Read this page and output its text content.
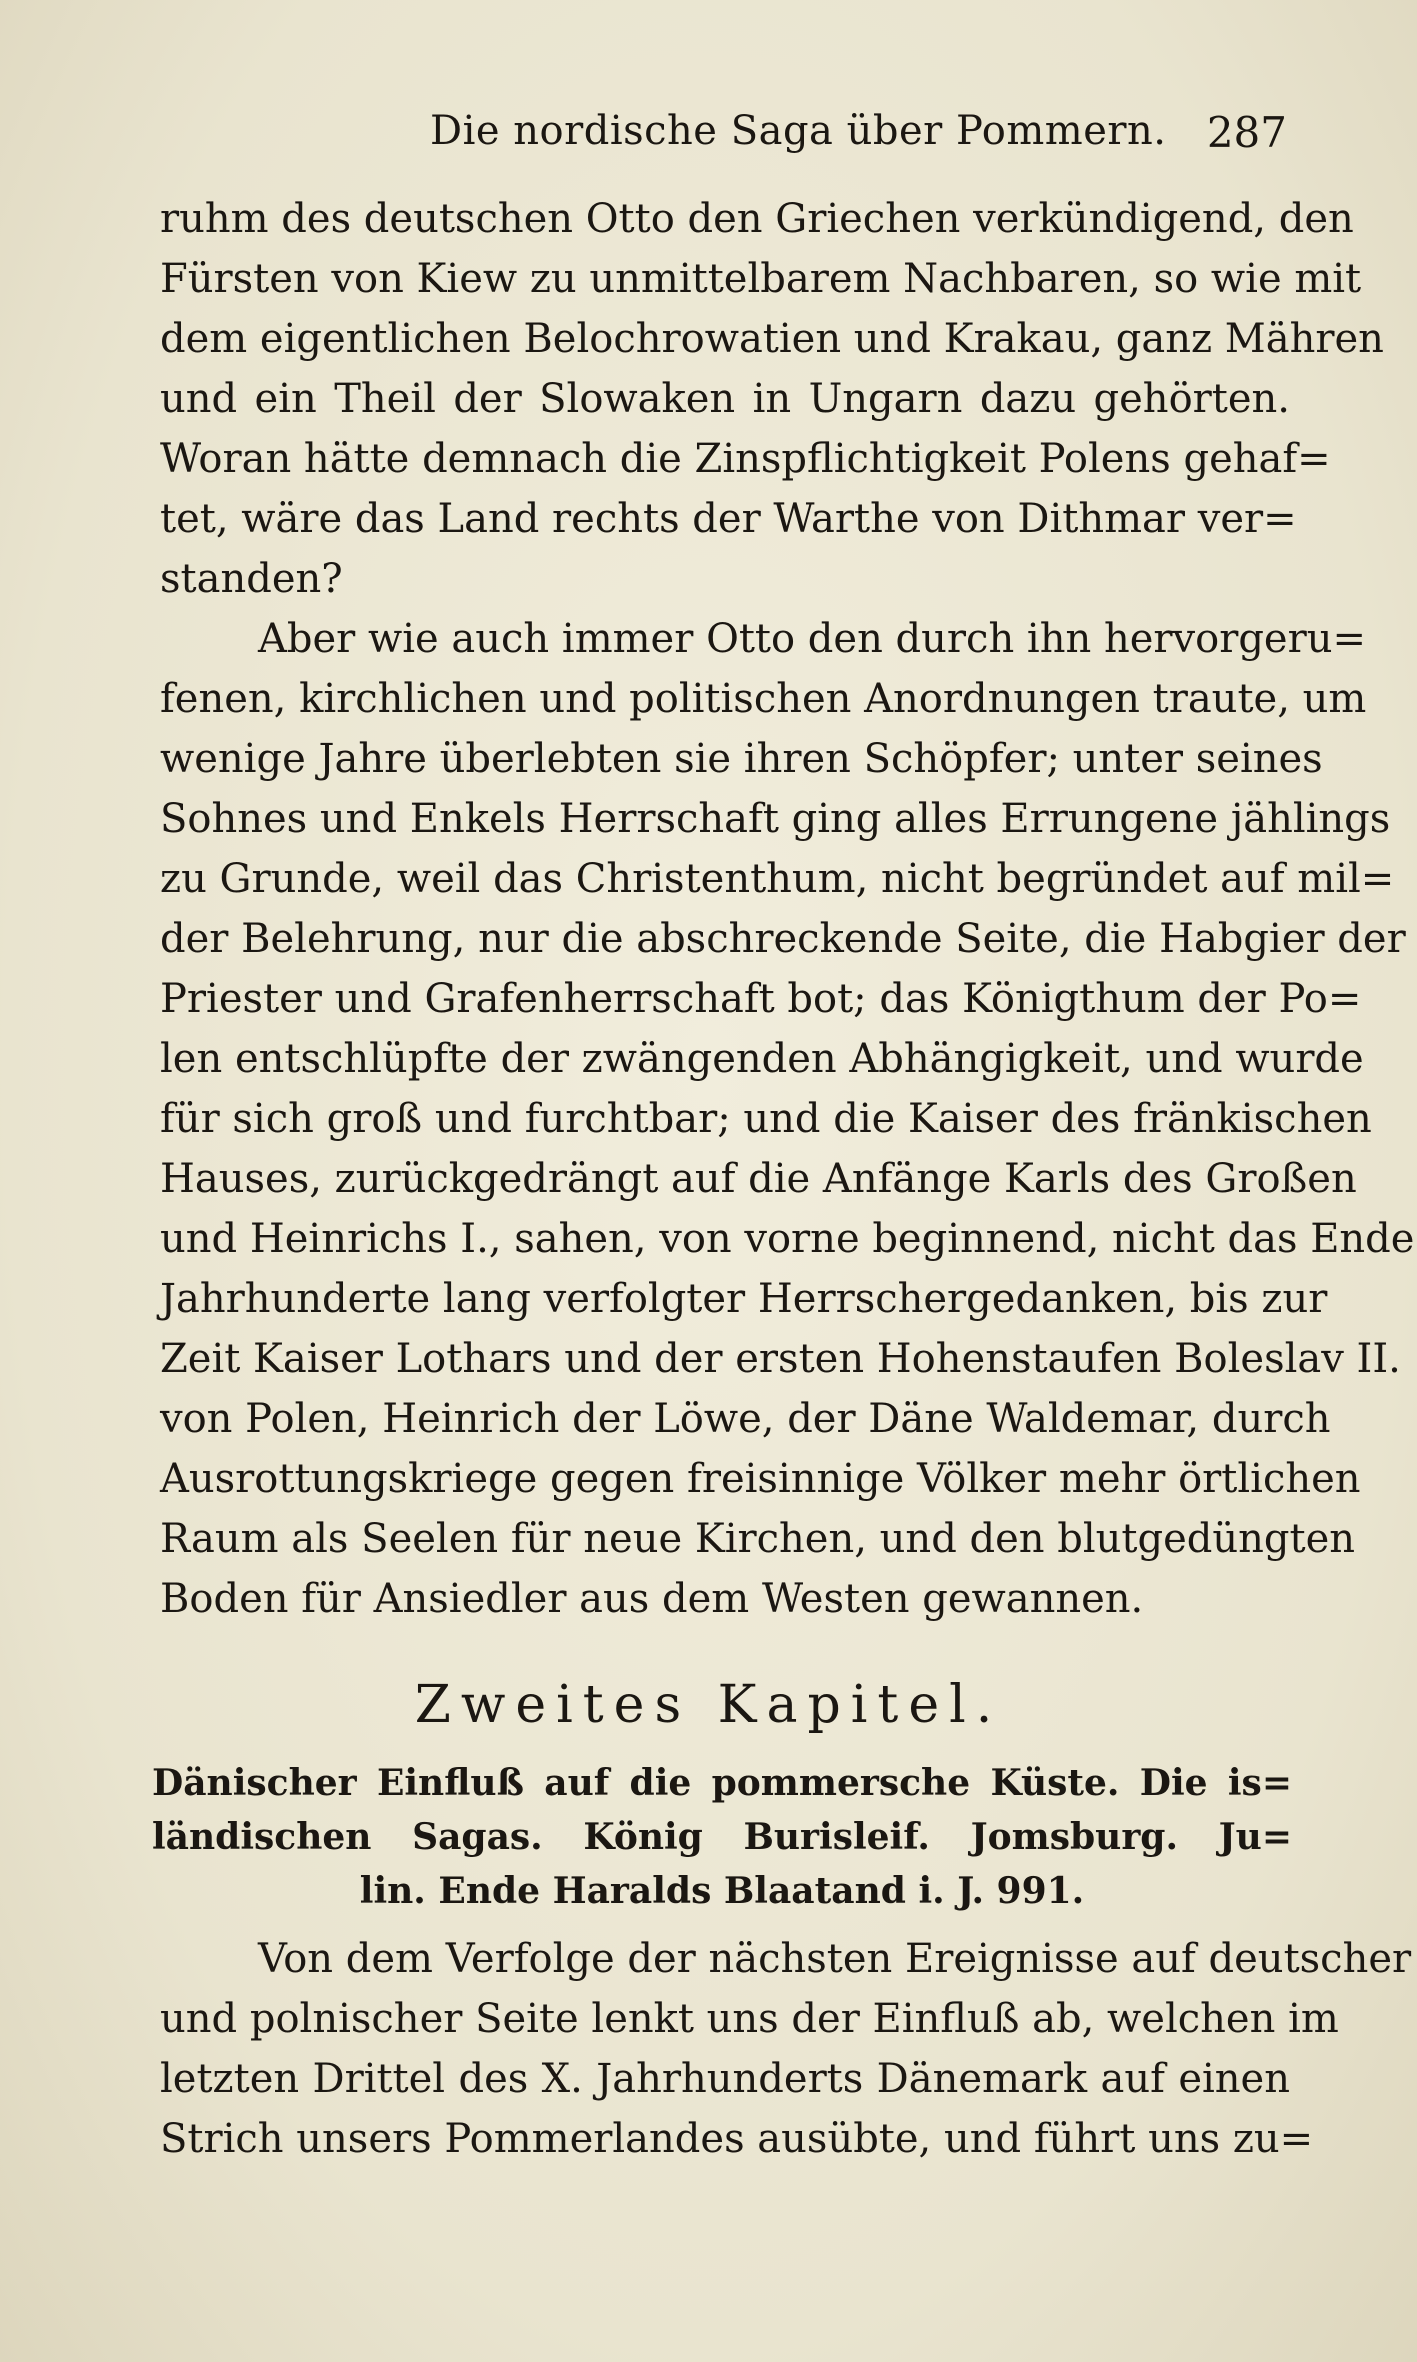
Die nordische Saga über Pommern. 287
ruhm des deutschen Otto den Griechen verkündigend, den
Fürsten von Kiew zu unmittelbarem Nachbaren, so wie mit
dem eigentlichen Belochrowatien und Krakau, ganz Mähren
und ein Theil der Slowaken in Ungarn dazu gehörten.
Woran hätte demnach die Zinspflichtigkeit Polens gehaf=
tet, wäre das Land rechts der Warthe von Dithmar ver=
standen?
Aber wie auch immer Otto den durch ihn hervorgeru=
fenen, kirchlichen und politischen Anordnungen traute, um
wenige Jahre überlebten sie ihren Schöpfer; unter seines
Sohnes und Enkels Herrschaft ging alles Errungene jählings
zu Grunde, weil das Christenthum, nicht begründet auf mil=
der Belehrung, nur die abschreckende Seite, die Habgier der
Priester und Grafenherrschaft bot; das Königthum der Po=
len entschlüpfte der zwängenden Abhängigkeit, und wurde
für sich groß und furchtbar; und die Kaiser des fränkischen
Hauses, zurückgedrängt auf die Anfänge Karls des Großen
und Heinrichs I., sahen, von vorne beginnend, nicht das Ende
Jahrhunderte lang verfolgter Herrschergedanken, bis zur
Zeit Kaiser Lothars und der ersten Hohenstaufen Boleslav II.
von Polen, Heinrich der Löwe, der Däne Waldemar, durch
Ausrottungskriege gegen freisinnige Völker mehr örtlichen
Raum als Seelen für neue Kirchen, und den blutgedüngten
Boden für Ansiedler aus dem Westen gewannen.
Zweites Kapitel.
Dänischer Einfluß auf die pommersche Küste. Die is=
ländischen Sagas. König Burisleif. Jomsburg. Ju=
lin. Ende Haralds Blaatand i. J. 991.
Von dem Verfolge der nächsten Ereignisse auf deutscher
und polnischer Seite lenkt uns der Einfluß ab, welchen im
letzten Drittel des X. Jahrhunderts Dänemark auf einen
Strich unsers Pommerlandes ausübte, und führt uns zu=
